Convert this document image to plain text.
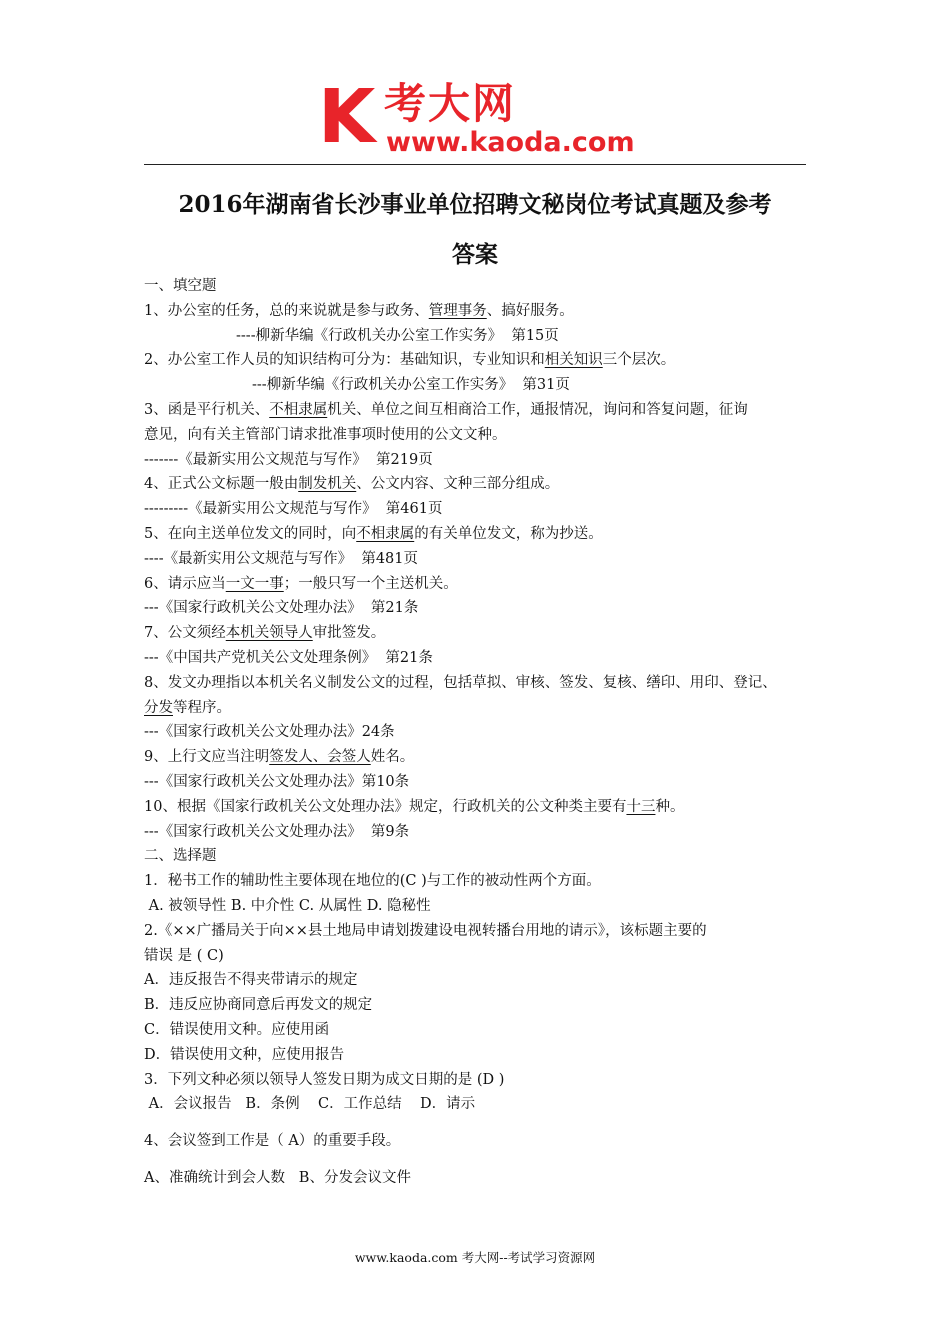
K 考大网
www.kaoda.com
2016年湖南省长沙事业单位招聘文秘岗位考试真题及参考
答案
一、填空题
1、办公室的任务，总的来说就是参与政务、管理事务、搞好服务。
----柳新华编《行政机关办公室工作实务》  第15页
2、办公室工作人员的知识结构可分为：基础知识，专业知识和相关知识三个层次。
---柳新华编《行政机关办公室工作实务》  第31页
3、函是平行机关、不相隶属机关、单位之间互相商洽工作，通报情况，询问和答复问题，征询
意见，向有关主管部门请求批准事项时使用的公文文种。
-------《最新实用公文规范与写作》  第219页
4、正式公文标题一般由制发机关、公文内容、文种三部分组成。
---------《最新实用公文规范与写作》  第461页
5、在向主送单位发文的同时，向不相隶属的有关单位发文，称为抄送。
----《最新实用公文规范与写作》  第481页
6、请示应当一文一事；一般只写一个主送机关。
---《国家行政机关公文处理办法》  第21条
7、公文须经本机关领导人审批签发。
---《中国共产党机关公文处理条例》  第21条
8、发文办理指以本机关名义制发公文的过程，包括草拟、审核、签发、复核、缮印、用印、登记、
分发等程序。
---《国家行政机关公文处理办法》24条
9、上行文应当注明签发人、会签人姓名。
---《国家行政机关公文处理办法》第10条
10、根据《国家行政机关公文处理办法》规定，行政机关的公文种类主要有十三种。
---《国家行政机关公文处理办法》  第9条
二、选择题
1．秘书工作的辅助性主要体现在地位的(C )与工作的被动性两个方面。
A. 被领导性 B. 中介性 C. 从属性 D. 隐秘性
2.《××广播局关于向××县土地局申请划拨建设电视转播台用地的请示》，该标题主要的
错误 是 ( C)
A．违反报告不得夹带请示的规定
B．违反应协商同意后再发文的规定
C．错误使用文种。应使用函
D．错误使用文种，应使用报告
3．下列文种必须以领导人签发日期为成文日期的是 (D )
A．会议报告   B．条例    C．工作总结    D．请示
4、会议签到工作是（ A）的重要手段。
A、准确统计到会人数   B、分发会议文件
www.kaoda.com 考大网--考试学习资源网
